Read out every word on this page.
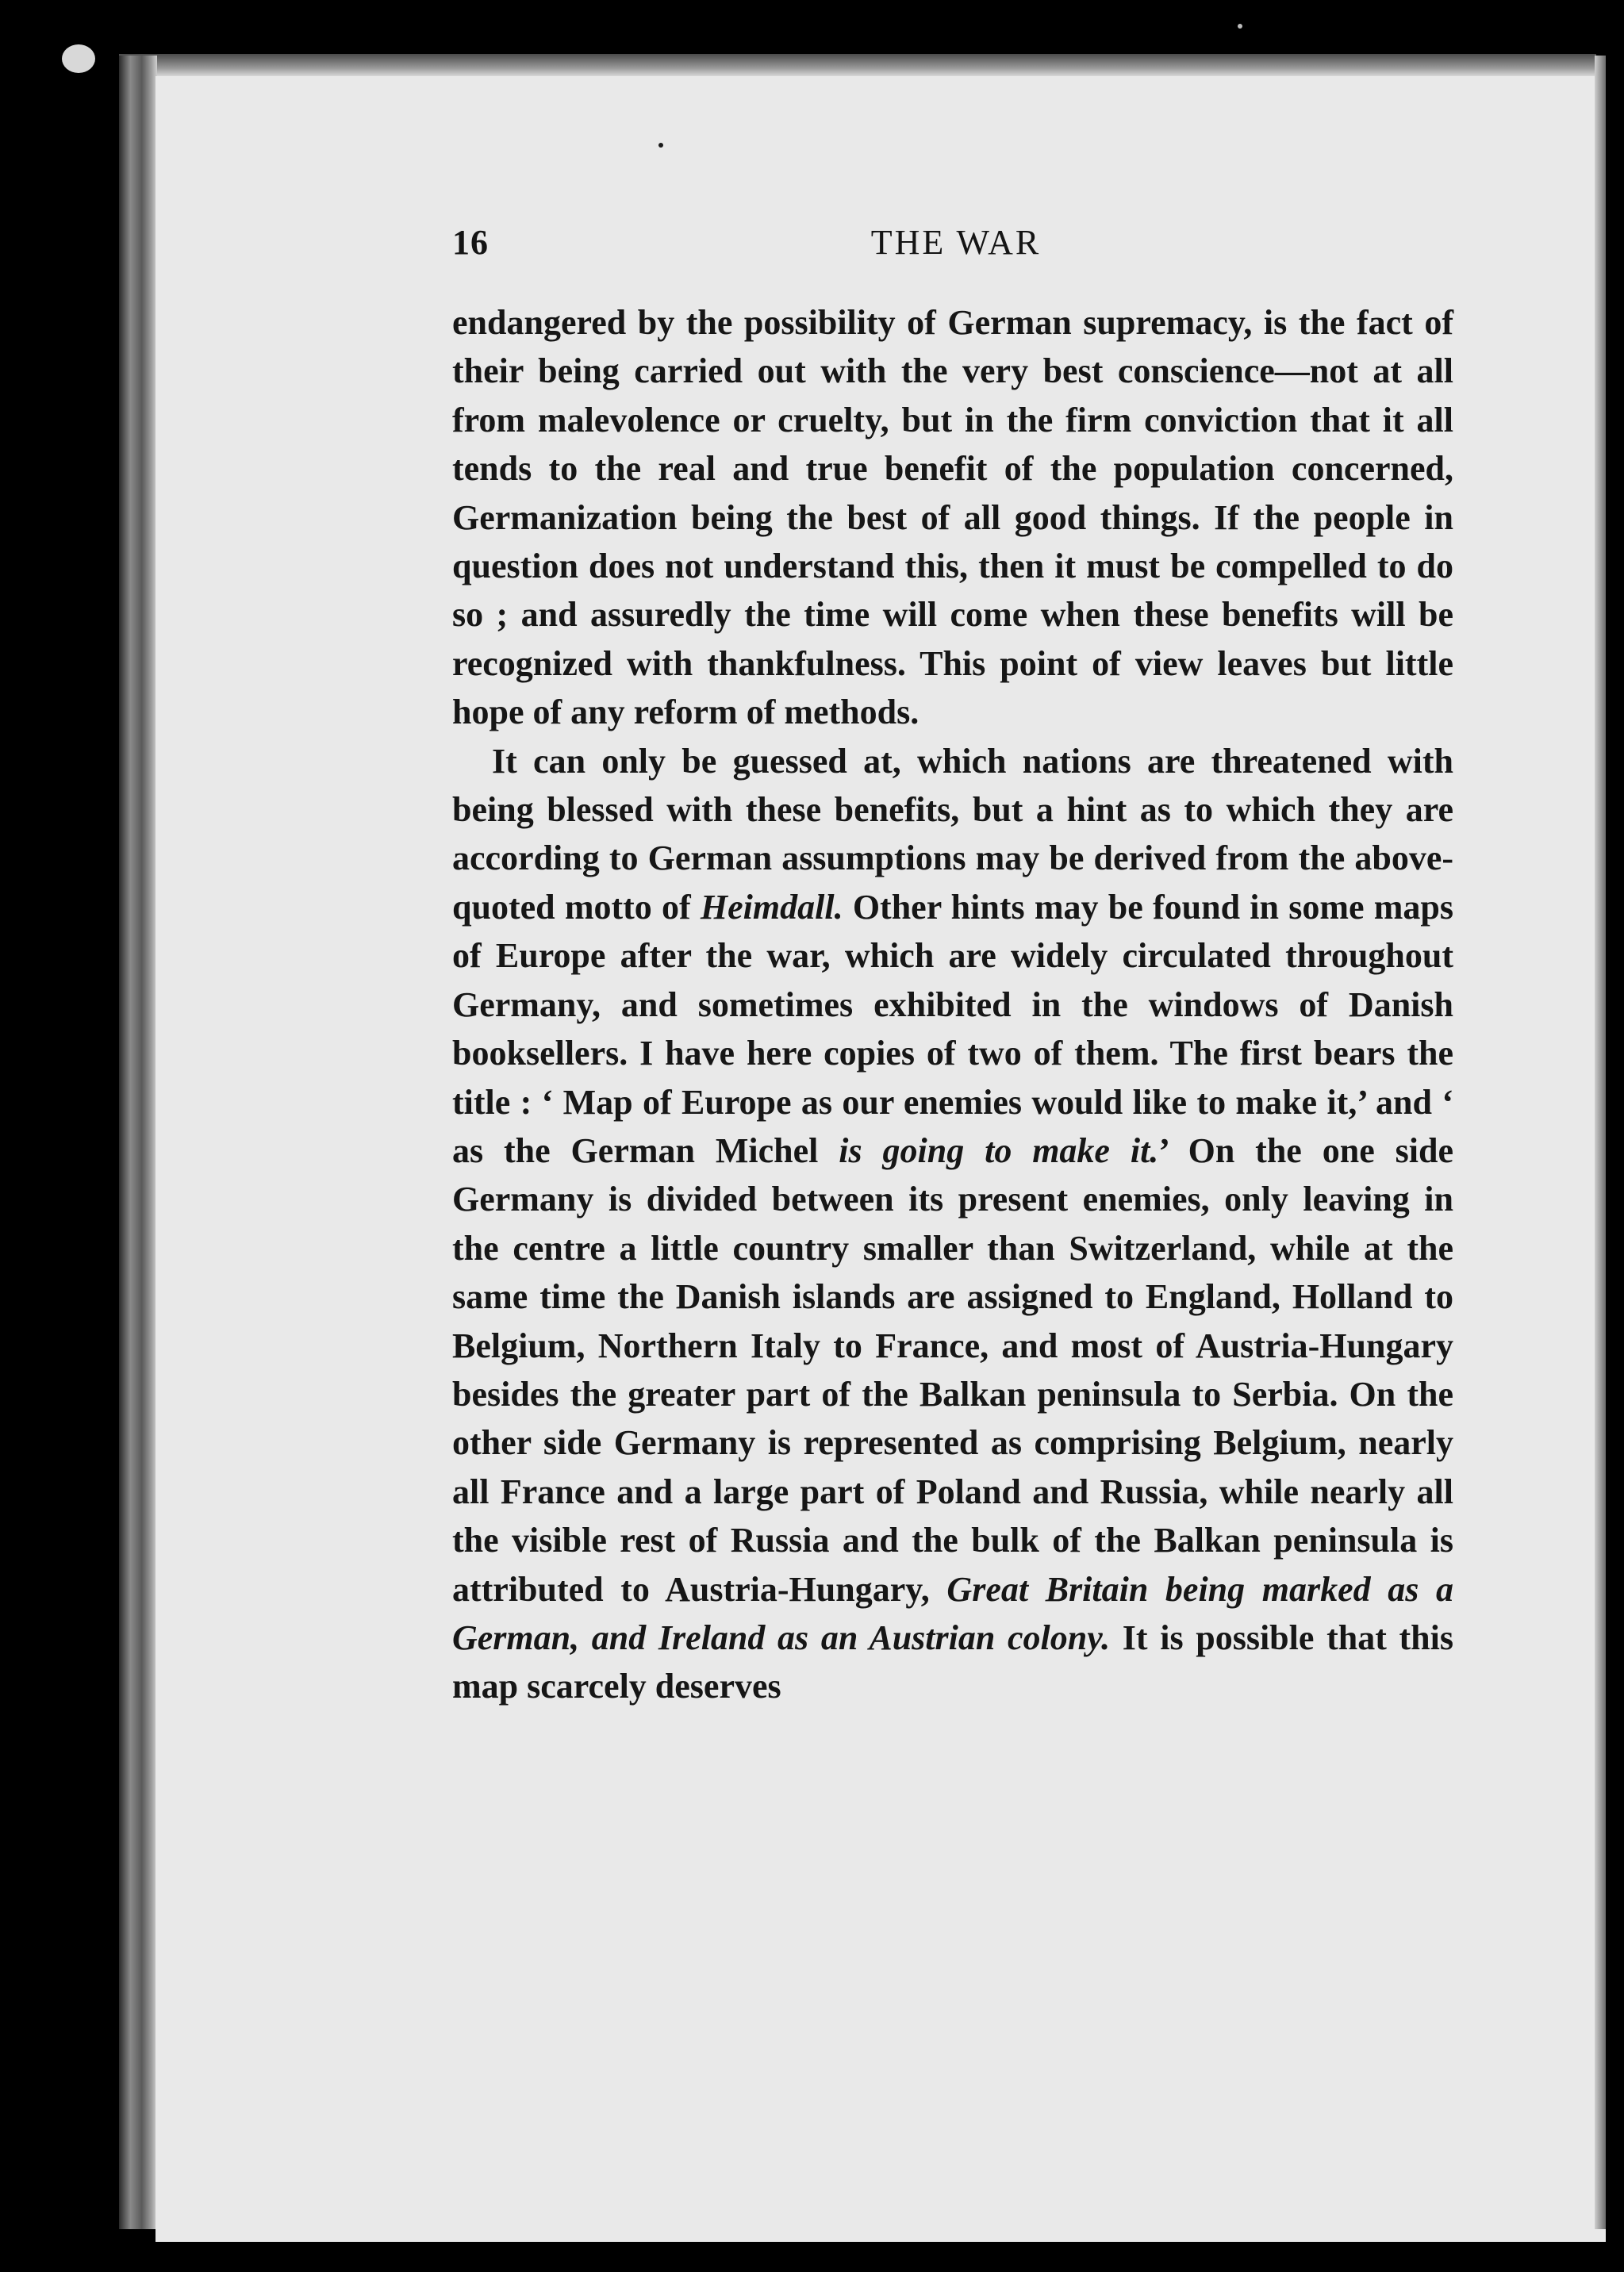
16	THE WAR

endangered by the possibility of German supremacy, is the fact of their being carried out with the very best conscience—not at all from malevolence or cruelty, but in the firm conviction that it all tends to the real and true benefit of the population concerned, Germanization being the best of all good things. If the people in question does not understand this, then it must be compelled to do so ; and assuredly the time will come when these benefits will be recognized with thankfulness. This point of view leaves but little hope of any reform of methods.

It can only be guessed at, which nations are threatened with being blessed with these benefits, but a hint as to which they are according to German assumptions may be derived from the above-quoted motto of Heimdall. Other hints may be found in some maps of Europe after the war, which are widely circulated throughout Germany, and sometimes exhibited in the windows of Danish booksellers. I have here copies of two of them. The first bears the title : ‘ Map of Europe as our enemies would like to make it,’ and ‘ as the German Michel is going to make it.’ On the one side Germany is divided between its present enemies, only leaving in the centre a little country smaller than Switzerland, while at the same time the Danish islands are assigned to England, Holland to Belgium, Northern Italy to France, and most of Austria-Hungary besides the greater part of the Balkan peninsula to Serbia. On the other side Germany is represented as comprising Belgium, nearly all France and a large part of Poland and Russia, while nearly all the visible rest of Russia and the bulk of the Balkan peninsula is attributed to Austria-Hungary, Great Britain being marked as a German, and Ireland as an Austrian colony. It is possible that this map scarcely deserves
